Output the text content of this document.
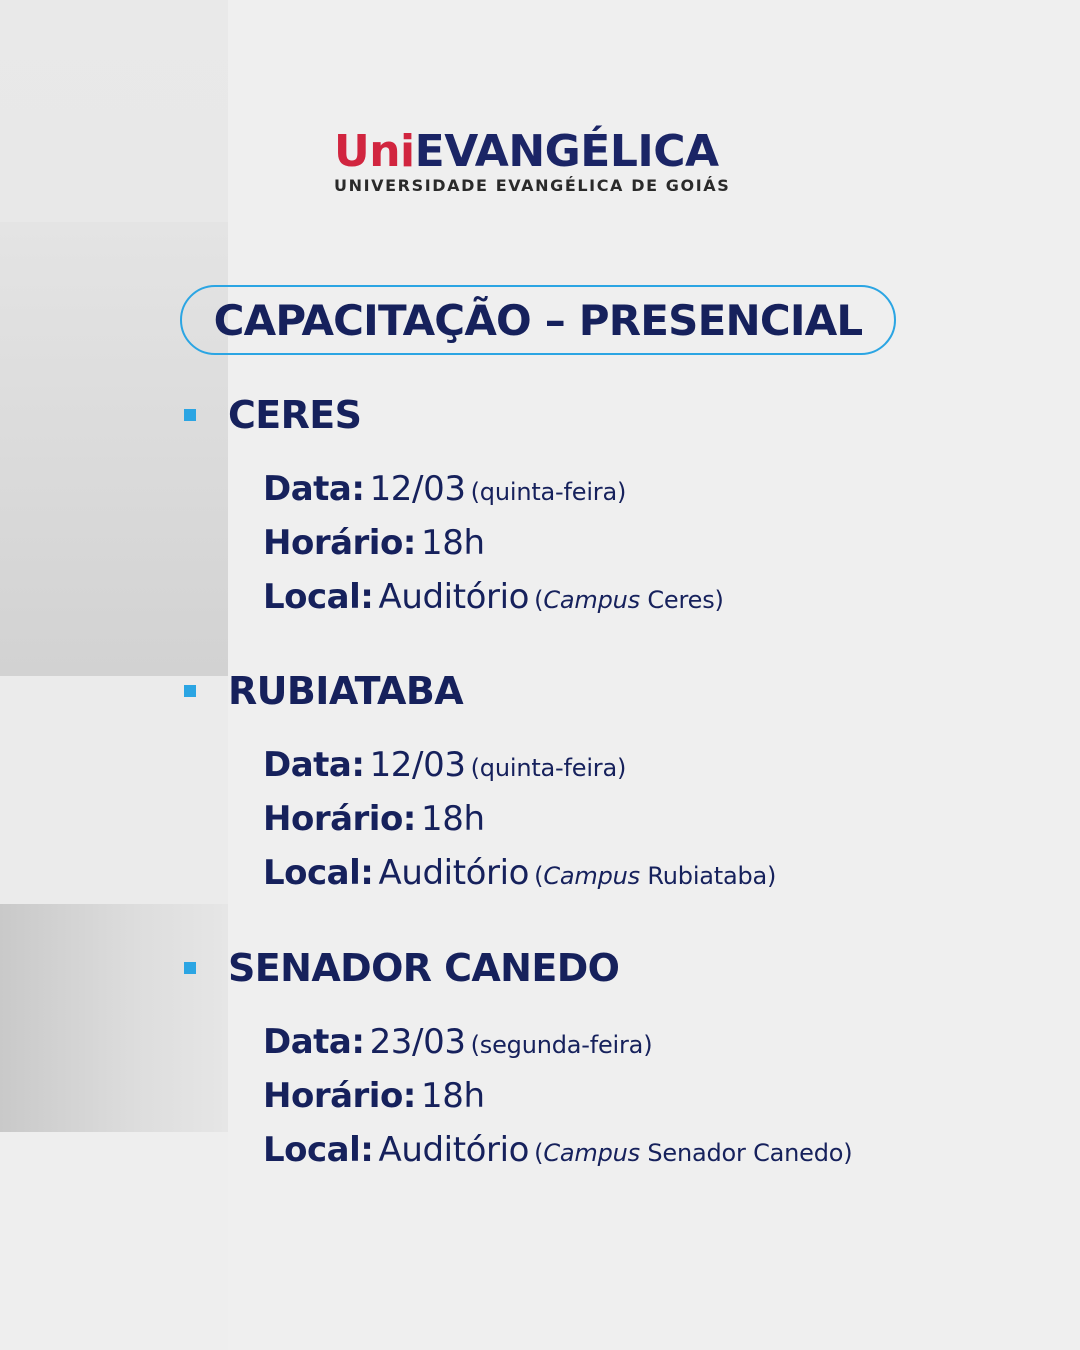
UniEVANGÉLICA
UNIVERSIDADE EVANGÉLICA DE GOIÁS
CAPACITAÇÃO – PRESENCIAL
CERES
Data: 12/03 (quinta-feira)
Horário: 18h
Local: Auditório (Campus Ceres)
RUBIATABA
Data: 12/03 (quinta-feira)
Horário: 18h
Local: Auditório (Campus Rubiataba)
SENADOR CANEDO
Data: 23/03 (segunda-feira)
Horário: 18h
Local: Auditório (Campus Senador Canedo)
